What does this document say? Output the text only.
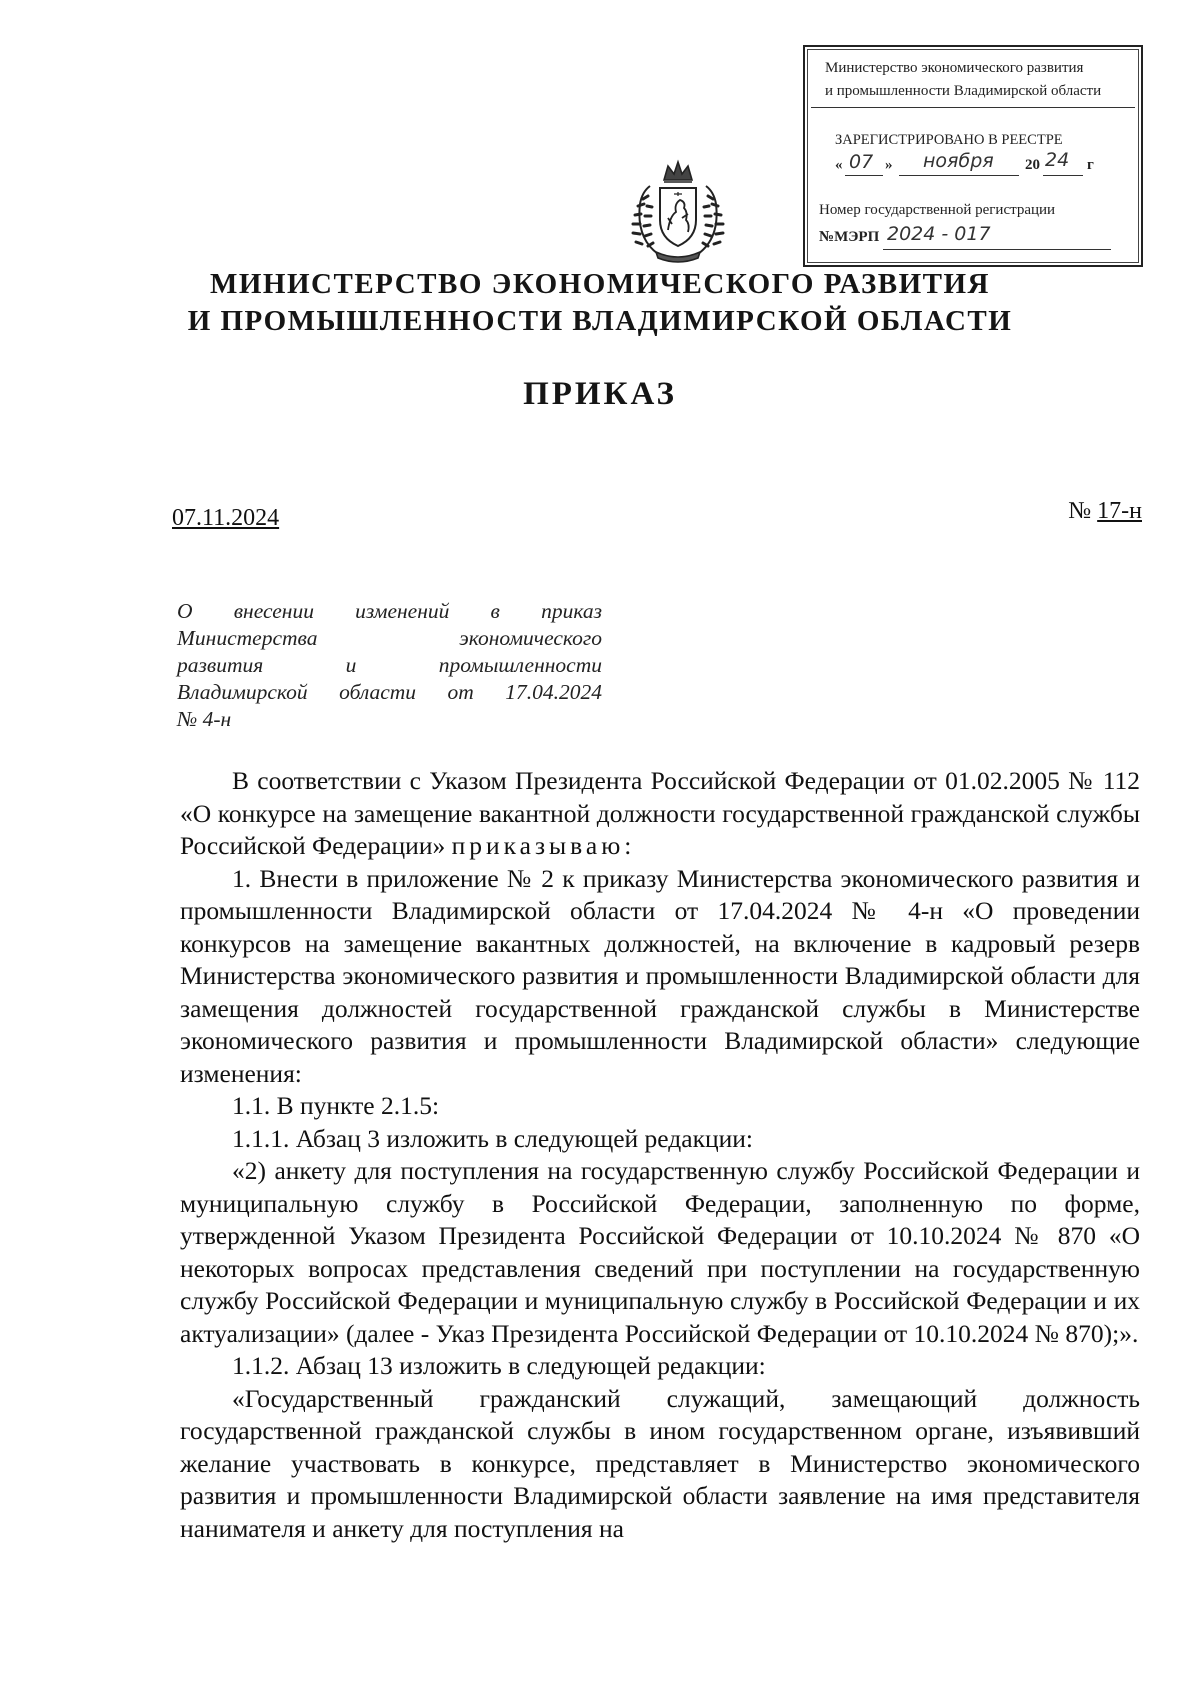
Министерство экономического развития
и промышленности Владимирской области
ЗАРЕГИСТРИРОВАНО В РЕЕСТРЕ
« 07 » ноября 20 24 г
Номер государственной регистрации
№МЭРП 2024 - 017
МИНИСТЕРСТВО ЭКОНОМИЧЕСКОГО РАЗВИТИЯ
И ПРОМЫШЛЕННОСТИ ВЛАДИМИРСКОЙ ОБЛАСТИ
ПРИКАЗ
07.11.2024	№ 17-н
О внесении изменений в приказ
Министерства экономического
развития и промышленности
Владимирской области от 17.04.2024
№ 4-н

В соответствии с Указом Президента Российской Федерации от 01.02.2005 № 112 «О конкурсе на замещение вакантной должности государственной гражданской службы Российской Федерации» приказываю:

1. Внести в приложение № 2 к приказу Министерства экономического развития и промышленности Владимирской области от 17.04.2024 № 4-н «О проведении конкурсов на замещение вакантных должностей, на включение в кадровый резерв Министерства экономического развития и промышленности Владимирской области для замещения должностей государственной гражданской службы в Министерстве экономического развития и промышленности Владимирской области» следующие изменения:

1.1. В пункте 2.1.5:

1.1.1. Абзац 3 изложить в следующей редакции:

«2) анкету для поступления на государственную службу Российской Федерации и муниципальную службу в Российской Федерации, заполненную по форме, утвержденной Указом Президента Российской Федерации от 10.10.2024 № 870 «О некоторых вопросах представления сведений при поступлении на государственную службу Российской Федерации и муниципальную службу в Российской Федерации и их актуализации» (далее - Указ Президента Российской Федерации от 10.10.2024 № 870);».

1.1.2. Абзац 13 изложить в следующей редакции:

«Государственный гражданский служащий, замещающий должность государственной гражданской службы в ином государственном органе, изъявивший желание участвовать в конкурсе, представляет в Министерство экономического развития и промышленности Владимирской области заявление на имя представителя нанимателя и анкету для поступления на
